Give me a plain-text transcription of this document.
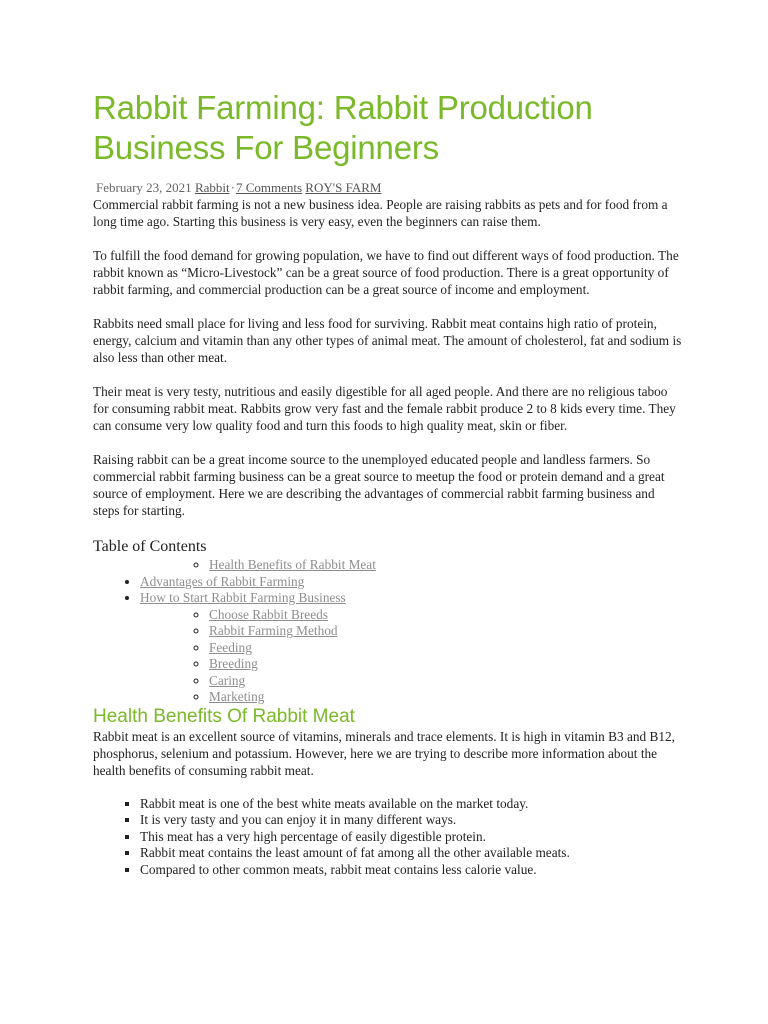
Rabbit Farming: Rabbit Production Business For Beginners
February 23, 2021 Rabbit·7 Comments ROY'S FARM

Commercial rabbit farming is not a new business idea. People are raising rabbits as pets and for food from a long time ago. Starting this business is very easy, even the beginners can raise them.

To fulfill the food demand for growing population, we have to find out different ways of food production. The rabbit known as “Micro-Livestock” can be a great source of food production. There is a great opportunity of rabbit farming, and commercial production can be a great source of income and employment.

Rabbits need small place for living and less food for surviving. Rabbit meat contains high ratio of protein, energy, calcium and vitamin than any other types of animal meat. The amount of cholesterol, fat and sodium is also less than other meat.

Their meat is very testy, nutritious and easily digestible for all aged people. And there are no religious taboo for consuming rabbit meat. Rabbits grow very fast and the female rabbit produce 2 to 8 kids every time. They can consume very low quality food and turn this foods to high quality meat, skin or fiber.

Raising rabbit can be a great income source to the unemployed educated people and landless farmers. So commercial rabbit farming business can be a great source to meetup the food or protein demand and a great source of employment. Here we are describing the advantages of commercial rabbit farming business and steps for starting.

Table of Contents
◦ Health Benefits of Rabbit Meat
• Advantages of Rabbit Farming
• How to Start Rabbit Farming Business
◦ Choose Rabbit Breeds
◦ Rabbit Farming Method
◦ Feeding
◦ Breeding
◦ Caring
◦ Marketing
Health Benefits Of Rabbit Meat

Rabbit meat is an excellent source of vitamins, minerals and trace elements. It is high in vitamin B3 and B12, phosphorus, selenium and potassium. However, here we are trying to describe more information about the health benefits of consuming rabbit meat.

▪ Rabbit meat is one of the best white meats available on the market today.
▪ It is very tasty and you can enjoy it in many different ways.
▪ This meat has a very high percentage of easily digestible protein.
▪ Rabbit meat contains the least amount of fat among all the other available meats.
▪ Compared to other common meats, rabbit meat contains less calorie value.
